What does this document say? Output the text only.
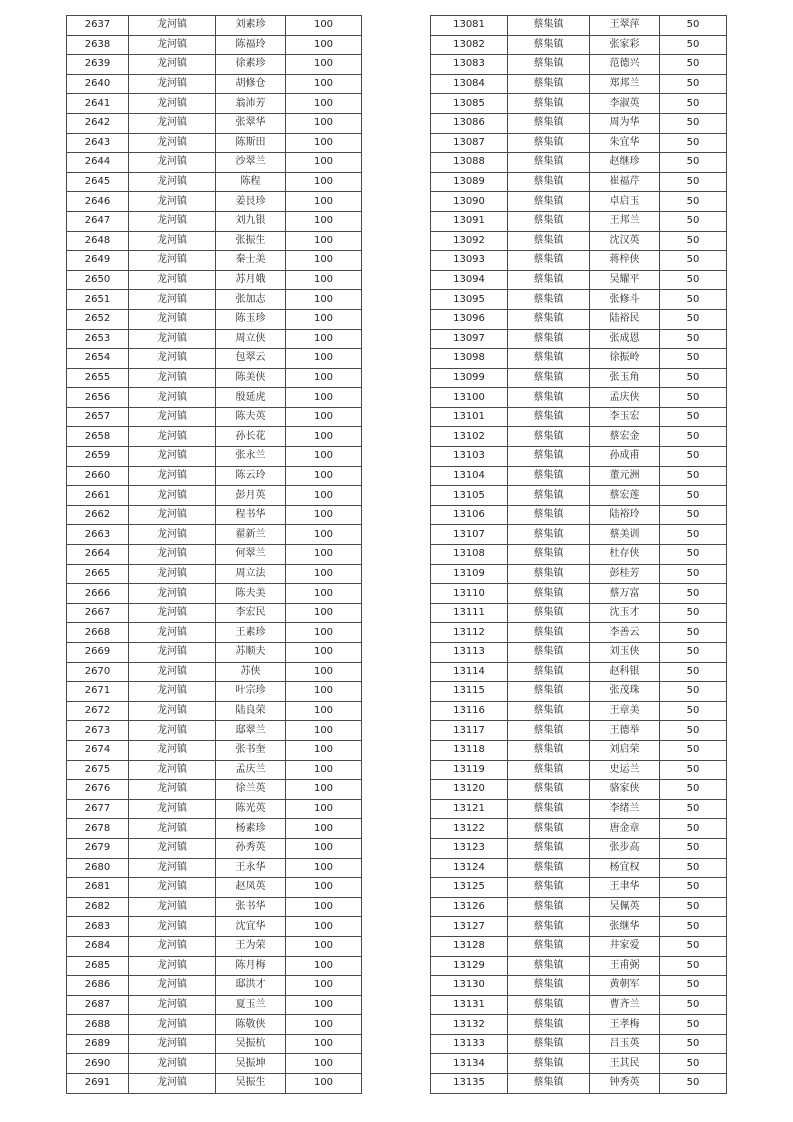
2637	龙河镇	刘素珍	100
2638	龙河镇	陈福玲	100
2639	龙河镇	徐素珍	100
2640	龙河镇	胡修仓	100
2641	龙河镇	翁沛芳	100
2642	龙河镇	张翠华	100
2643	龙河镇	陈斯田	100
2644	龙河镇	沙翠兰	100
2645	龙河镇	陈程	100
2646	龙河镇	姜艮珍	100
2647	龙河镇	刘九银	100
2648	龙河镇	张振生	100
2649	龙河镇	秦士美	100
2650	龙河镇	苏月娥	100
2651	龙河镇	张加志	100
2652	龙河镇	陈玉珍	100
2653	龙河镇	周立侠	100
2654	龙河镇	包翠云	100
2655	龙河镇	陈美侠	100
2656	龙河镇	殷延虎	100
2657	龙河镇	陈夫英	100
2658	龙河镇	孙长花	100
2659	龙河镇	张永兰	100
2660	龙河镇	陈云玲	100
2661	龙河镇	彭月英	100
2662	龙河镇	程书华	100
2663	龙河镇	翟新兰	100
2664	龙河镇	何翠兰	100
2665	龙河镇	周立法	100
2666	龙河镇	陈夫美	100
2667	龙河镇	李宏民	100
2668	龙河镇	王素珍	100
2669	龙河镇	苏顺夫	100
2670	龙河镇	苏侠	100
2671	龙河镇	叶宗珍	100
2672	龙河镇	陆良荣	100
2673	龙河镇	邸翠兰	100
2674	龙河镇	张书奎	100
2675	龙河镇	孟庆兰	100
2676	龙河镇	徐兰英	100
2677	龙河镇	陈光英	100
2678	龙河镇	杨素珍	100
2679	龙河镇	孙秀英	100
2680	龙河镇	王永华	100
2681	龙河镇	赵凤英	100
2682	龙河镇	张书华	100
2683	龙河镇	沈宜华	100
2684	龙河镇	王为荣	100
2685	龙河镇	陈月梅	100
2686	龙河镇	邸洪才	100
2687	龙河镇	夏玉兰	100
2688	龙河镇	陈敬侠	100
2689	龙河镇	吴振杭	100
2690	龙河镇	吴振坤	100
2691	龙河镇	吴振生	100
13081	蔡集镇	王翠萍	50
13082	蔡集镇	张家彩	50
13083	蔡集镇	范德兴	50
13084	蔡集镇	郑邦兰	50
13085	蔡集镇	李淑英	50
13086	蔡集镇	周为华	50
13087	蔡集镇	朱宜华	50
13088	蔡集镇	赵继珍	50
13089	蔡集镇	崔福芹	50
13090	蔡集镇	卓启玉	50
13091	蔡集镇	王邦兰	50
13092	蔡集镇	沈汉英	50
13093	蔡集镇	蒋梓侠	50
13094	蔡集镇	吴耀平	50
13095	蔡集镇	张修斗	50
13096	蔡集镇	陆裕民	50
13097	蔡集镇	张成恩	50
13098	蔡集镇	徐振岭	50
13099	蔡集镇	张玉角	50
13100	蔡集镇	孟庆侠	50
13101	蔡集镇	李玉宏	50
13102	蔡集镇	蔡宏金	50
13103	蔡集镇	孙成甫	50
13104	蔡集镇	董元洲	50
13105	蔡集镇	蔡宏莲	50
13106	蔡集镇	陆裕玲	50
13107	蔡集镇	蔡美训	50
13108	蔡集镇	杜存侠	50
13109	蔡集镇	彭桂芳	50
13110	蔡集镇	蔡万富	50
13111	蔡集镇	沈玉才	50
13112	蔡集镇	李善云	50
13113	蔡集镇	刘玉侠	50
13114	蔡集镇	赵科银	50
13115	蔡集镇	张茂珠	50
13116	蔡集镇	王章美	50
13117	蔡集镇	王德举	50
13118	蔡集镇	刘启荣	50
13119	蔡集镇	史运兰	50
13120	蔡集镇	骆家侠	50
13121	蔡集镇	李绪兰	50
13122	蔡集镇	唐金章	50
13123	蔡集镇	张步高	50
13124	蔡集镇	杨宜权	50
13125	蔡集镇	王聿华	50
13126	蔡集镇	吴佩英	50
13127	蔡集镇	张继华	50
13128	蔡集镇	井家爱	50
13129	蔡集镇	王甫弼	50
13130	蔡集镇	黄朝军	50
13131	蔡集镇	曹齐兰	50
13132	蔡集镇	王孝梅	50
13133	蔡集镇	吕玉英	50
13134	蔡集镇	王其民	50
13135	蔡集镇	钟秀英	50
